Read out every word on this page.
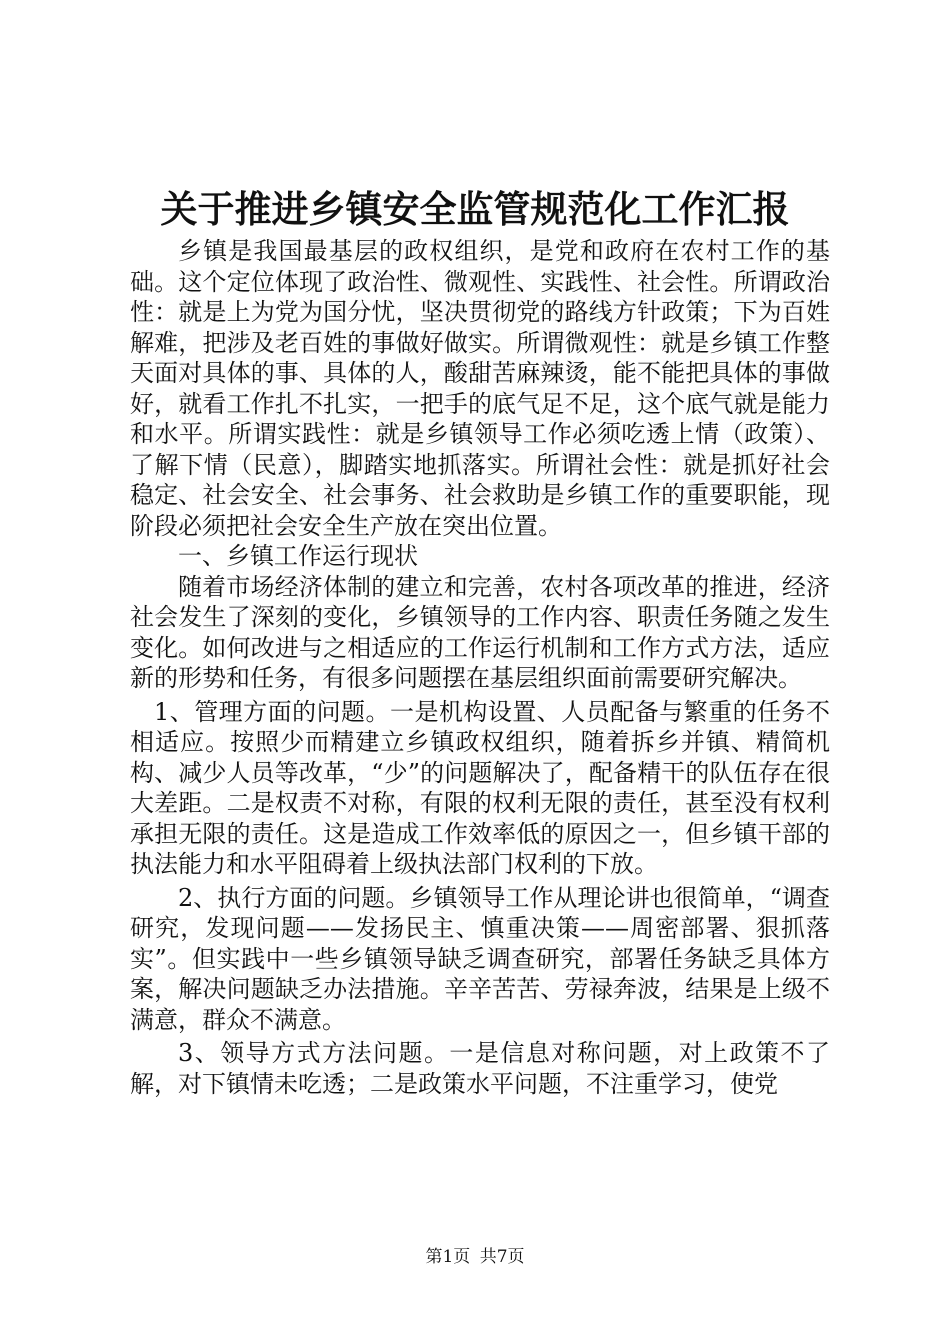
关于推进乡镇安全监管规范化工作汇报

乡镇是我国最基层的政权组织，是党和政府在农村工作的基础。这个定位体现了政治性、微观性、实践性、社会性。所谓政治性：就是上为党为国分忧，坚决贯彻党的路线方针政策；下为百姓解难，把涉及老百姓的事做好做实。所谓微观性：就是乡镇工作整天面对具体的事、具体的人，酸甜苦麻辣烫，能不能把具体的事做好，就看工作扎不扎实，一把手的底气足不足，这个底气就是能力和水平。所谓实践性：就是乡镇领导工作必须吃透上情（政策）、了解下情（民意），脚踏实地抓落实。所谓社会性：就是抓好社会稳定、社会安全、社会事务、社会救助是乡镇工作的重要职能，现阶段必须把社会安全生产放在突出位置。

一、乡镇工作运行现状

随着市场经济体制的建立和完善，农村各项改革的推进，经济社会发生了深刻的变化，乡镇领导的工作内容、职责任务随之发生变化。如何改进与之相适应的工作运行机制和工作方式方法，适应新的形势和任务，有很多问题摆在基层组织面前需要研究解决。

1、管理方面的问题。一是机构设置、人员配备与繁重的任务不相适应。按照少而精建立乡镇政权组织，随着拆乡并镇、精简机构、减少人员等改革，“少”的问题解决了，配备精干的队伍存在很大差距。二是权责不对称，有限的权利无限的责任，甚至没有权利承担无限的责任。这是造成工作效率低的原因之一，但乡镇干部的执法能力和水平阻碍着上级执法部门权利的下放。

2、执行方面的问题。乡镇领导工作从理论讲也很简单，“调查研究，发现问题——发扬民主、慎重决策——周密部署、狠抓落实”。但实践中一些乡镇领导缺乏调查研究，部署任务缺乏具体方案，解决问题缺乏办法措施。辛辛苦苦、劳禄奔波，结果是上级不满意，群众不满意。

3、领导方式方法问题。一是信息对称问题，对上政策不了解，对下镇情未吃透；二是政策水平问题，不注重学习，使党

第1页 共7页
